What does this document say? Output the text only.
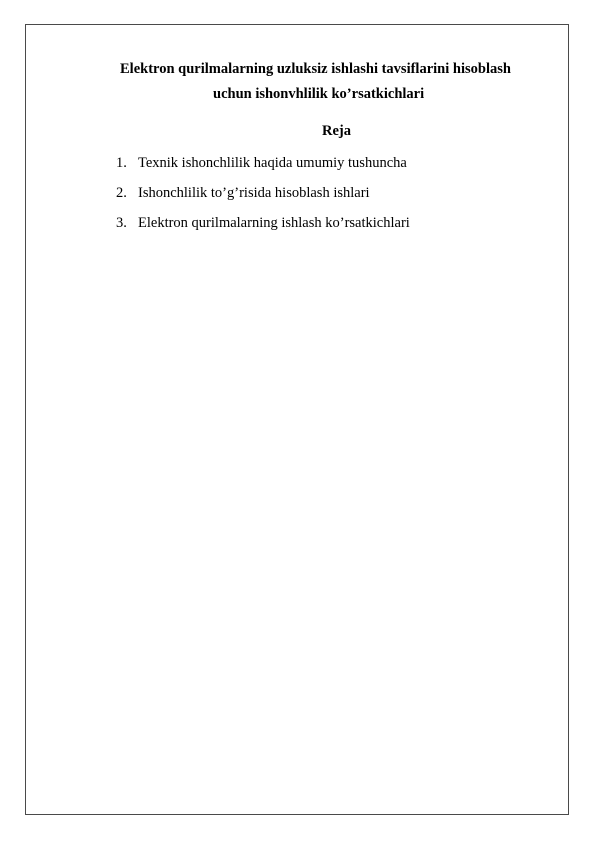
Elektron qurilmalarning uzluksiz ishlashi tavsiflarini hisoblash
uchun ishonvhlilik ko’rsatkichlari
Reja
1. Texnik ishonchlilik haqida umumiy tushuncha
2. Ishonchlilik to’g’risida hisoblash ishlari
3. Elektron qurilmalarning ishlash ko’rsatkichlari
